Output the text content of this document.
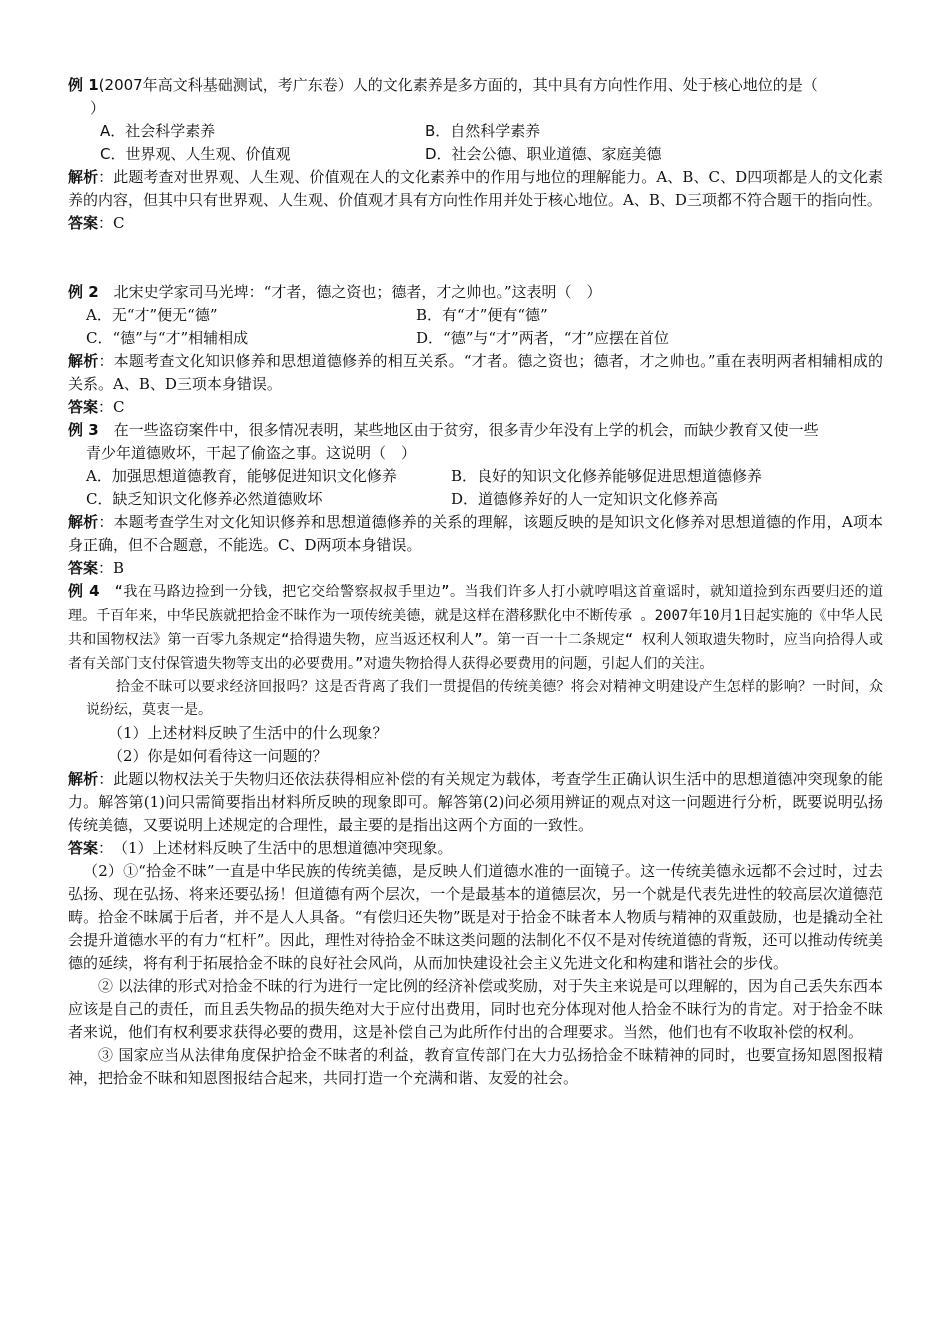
例 1(2007年高文科基础测试，考广东卷）人的文化素养是多方面的，其中具有方向性作用、处于核心地位的是（

）

A．社会科学素养	B．自然科学素养
C．世界观、人生观、价值观	D．社会公德、职业道德、家庭美德

解析：此题考查对世界观、人生观、价值观在人的文化素养中的作用与地位的理解能力。A、B、C、D四项都是人的文化素养的内容，但其中只有世界观、人生观、价值观才具有方向性作用并处于核心地位。A、B、D三项都不符合题干的指向性。

答案：C

例 2　北宋史学家司马光埤：“才者，德之资也；德者，才之帅也。”这表明（　）

A．无“才”便无“德”	B．有“才”便有“德”
C．“德”与“才”相辅相成	D．“德”与“才”两者，“才”应摆在首位

解析：本题考查文化知识修养和思想道德修养的相互关系。“才者。德之资也；德者，才之帅也。”重在表明两者相辅相成的关系。A、B、D三项本身错误。

答案：C

例 3　在一些盗窃案件中，很多情况表明，某些地区由于贫穷，很多青少年没有上学的机会，而缺少教育又使一些

青少年道德败坏，干起了偷盗之事。这说明（　）

A．加强思想道德教育，能够促进知识文化修养	B．良好的知识文化修养能够促进思想道德修养
C．缺乏知识文化修养必然道德败坏	D．道德修养好的人一定知识文化修养高

解析：本题考查学生对文化知识修养和思想道德修养的关系的理解，该题反映的是知识文化修养对思想道德的作用，A项本身正确，但不合题意，不能选。C、D两项本身错误。

答案：B

例 4　“我在马路边捡到一分钱，把它交给警察叔叔手里边”。当我们许多人打小就哼唱这首童谣时，就知道捡到东西要归还的道理。千百年来，中华民族就把拾金不昧作为一项传统美德，就是这样在潜移默化中不断传承 。2007年10月1日起实施的《中华人民共和国物权法》第一百零九条规定“拾得遗失物，应当返还权利人”。第一百一十二条规定“ 权利人领取遗失物时，应当向拾得人或者有关部门支付保管遗失物等支出的必要费用。”对遗失物拾得人获得必要费用的问题，引起人们的关注。

拾金不昧可以要求经济回报吗？这是否背离了我们一贯提倡的传统美德？将会对精神文明建设产生怎样的影响？一时间，众说纷纭，莫衷一是。

（1）上述材料反映了生活中的什么现象？

（2）你是如何看待这一问题的？

解析：此题以物权法关于失物归还依法获得相应补偿的有关规定为载体，考查学生正确认识生活中的思想道德冲突现象的能力。解答第(1)问只需简要指出材料所反映的现象即可。解答第(2)问必须用辨证的观点对这一问题进行分析，既要说明弘扬传统美德，又要说明上述规定的合理性，最主要的是指出这两个方面的一致性。

答案：　（1）上述材料反映了生活中的思想道德冲突现象。

（2）①“拾金不昧”一直是中华民族的传统美德，是反映人们道德水准的一面镜子。这一传统美德永远都不会过时，过去弘扬、现在弘扬、将来还要弘扬！但道德有两个层次，一个是最基本的道德层次，另一个就是代表先进性的较高层次道德范畴。拾金不昧属于后者，并不是人人具备。“有偿归还失物”既是对于拾金不昧者本人物质与精神的双重鼓励，也是撬动全社会提升道德水平的有力“杠杆”。因此，理性对待拾金不昧这类问题的法制化不仅不是对传统道德的背叛，还可以推动传统美德的延续，将有利于拓展拾金不昧的良好社会风尚，从而加快建设社会主义先进文化和构建和谐社会的步伐。

② 以法律的形式对拾金不昧的行为进行一定比例的经济补偿或奖励，对于失主来说是可以理解的，因为自己丢失东西本应该是自己的责任，而且丢失物品的损失绝对大于应付出费用，同时也充分体现对他人拾金不昧行为的肯定。对于拾金不昧者来说，他们有权利要求获得必要的费用，这是补偿自己为此所作付出的合理要求。当然，他们也有不收取补偿的权利。

③ 国家应当从法律角度保护拾金不昧者的利益，教育宣传部门在大力弘扬拾金不昧精神的同时，也要宣扬知恩图报精神，把拾金不昧和知恩图报结合起来，共同打造一个充满和谐、友爱的社会。
